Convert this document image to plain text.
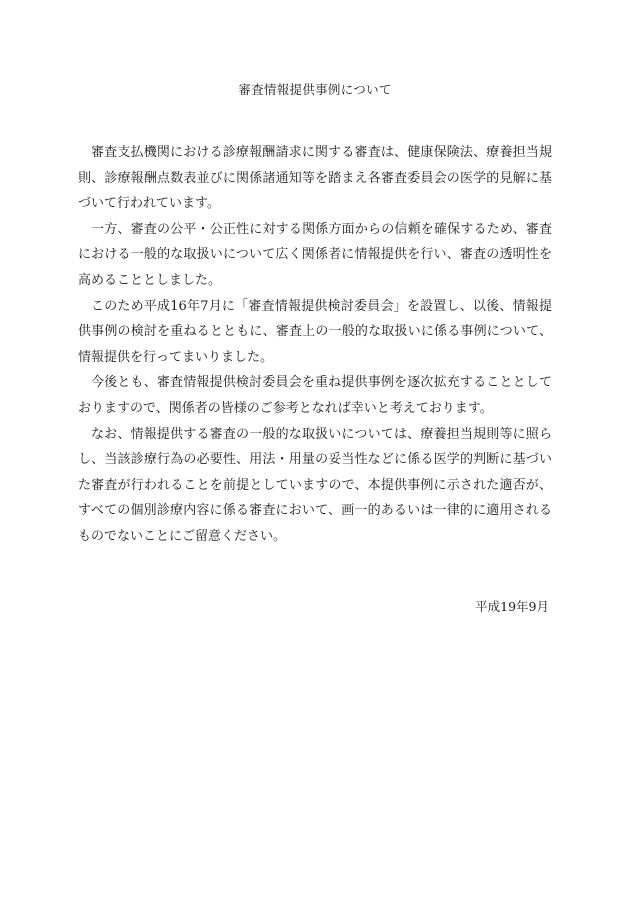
審査情報提供事例について

審査支払機関における診療報酬請求に関する審査は、健康保険法、療養担当規則、診療報酬点数表並びに関係諸通知等を踏まえ各審査委員会の医学的見解に基づいて行われています。

一方、審査の公平・公正性に対する関係方面からの信頼を確保するため、審査における一般的な取扱いについて広く関係者に情報提供を行い、審査の透明性を高めることとしました。

このため平成16年7月に「審査情報提供検討委員会」を設置し、以後、情報提供事例の検討を重ねるとともに、審査上の一般的な取扱いに係る事例について、情報提供を行ってまいりました。

今後とも、審査情報提供検討委員会を重ね提供事例を逐次拡充することとしておりますので、関係者の皆様のご参考となれば幸いと考えております。

なお、情報提供する審査の一般的な取扱いについては、療養担当規則等に照らし、当該診療行為の必要性、用法・用量の妥当性などに係る医学的判断に基づいた審査が行われることを前提としていますので、本提供事例に示された適否が、すべての個別診療内容に係る審査において、画一的あるいは一律的に適用されるものでないことにご留意ください。

平成19年9月
